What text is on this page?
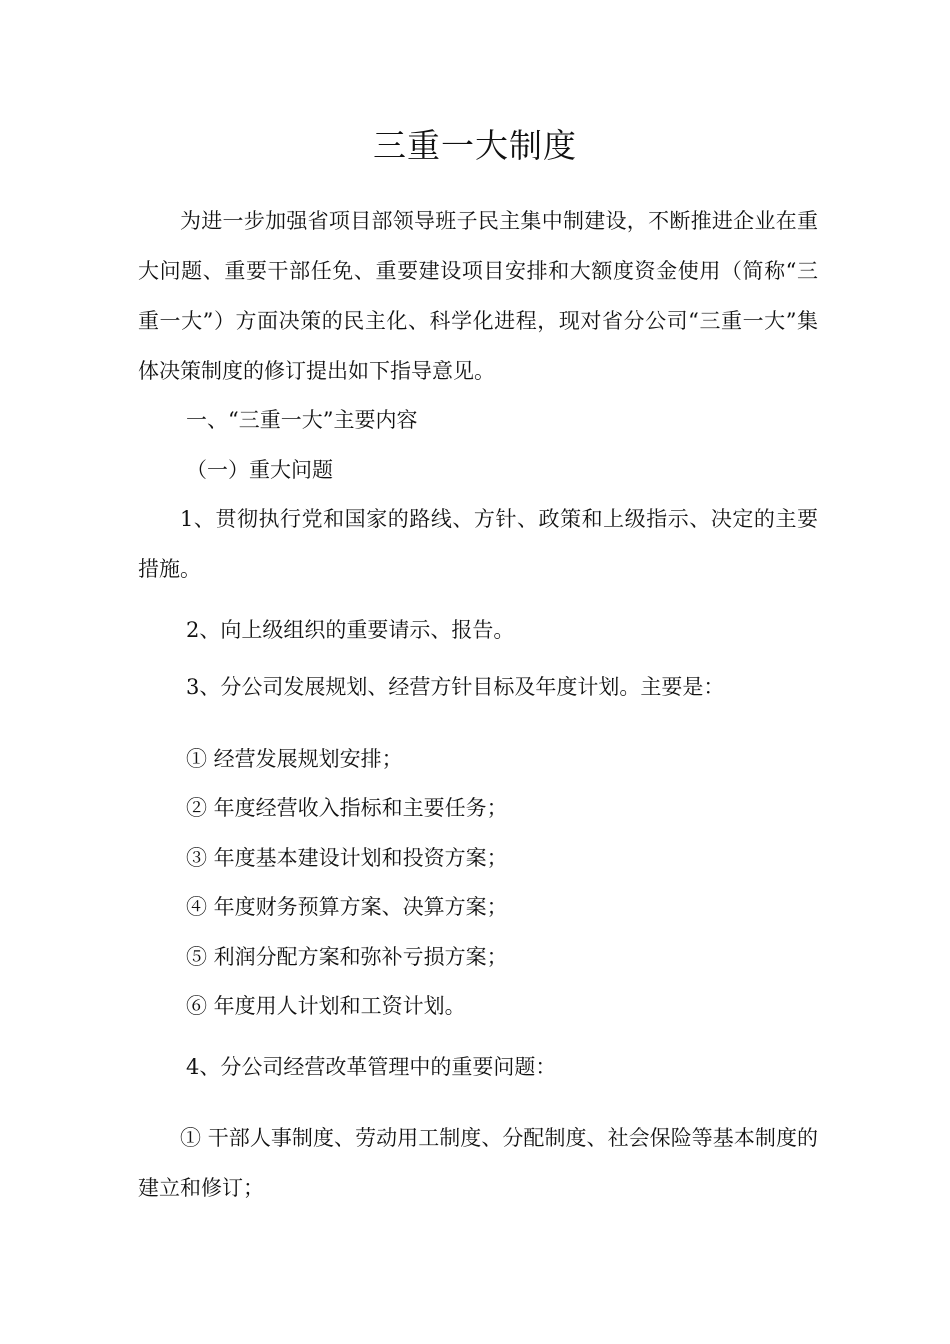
三重一大制度
为进一步加强省项目部领导班子民主集中制建设，不断推进企业在重大问题、重要干部任免、重要建设项目安排和大额度资金使用（简称“三重一大”）方面决策的民主化、科学化进程，现对省分公司“三重一大”集体决策制度的修订提出如下指导意见。
一、“三重一大”主要内容
（一）重大问题
1、贯彻执行党和国家的路线、方针、政策和上级指示、决定的主要措施。
2、向上级组织的重要请示、报告。
3、分公司发展规划、经营方针目标及年度计划。主要是：
① 经营发展规划安排；
② 年度经营收入指标和主要任务；
③ 年度基本建设计划和投资方案；
④ 年度财务预算方案、决算方案；
⑤ 利润分配方案和弥补亏损方案；
⑥ 年度用人计划和工资计划。
4、分公司经营改革管理中的重要问题：
① 干部人事制度、劳动用工制度、分配制度、社会保险等基本制度的建立和修订；
